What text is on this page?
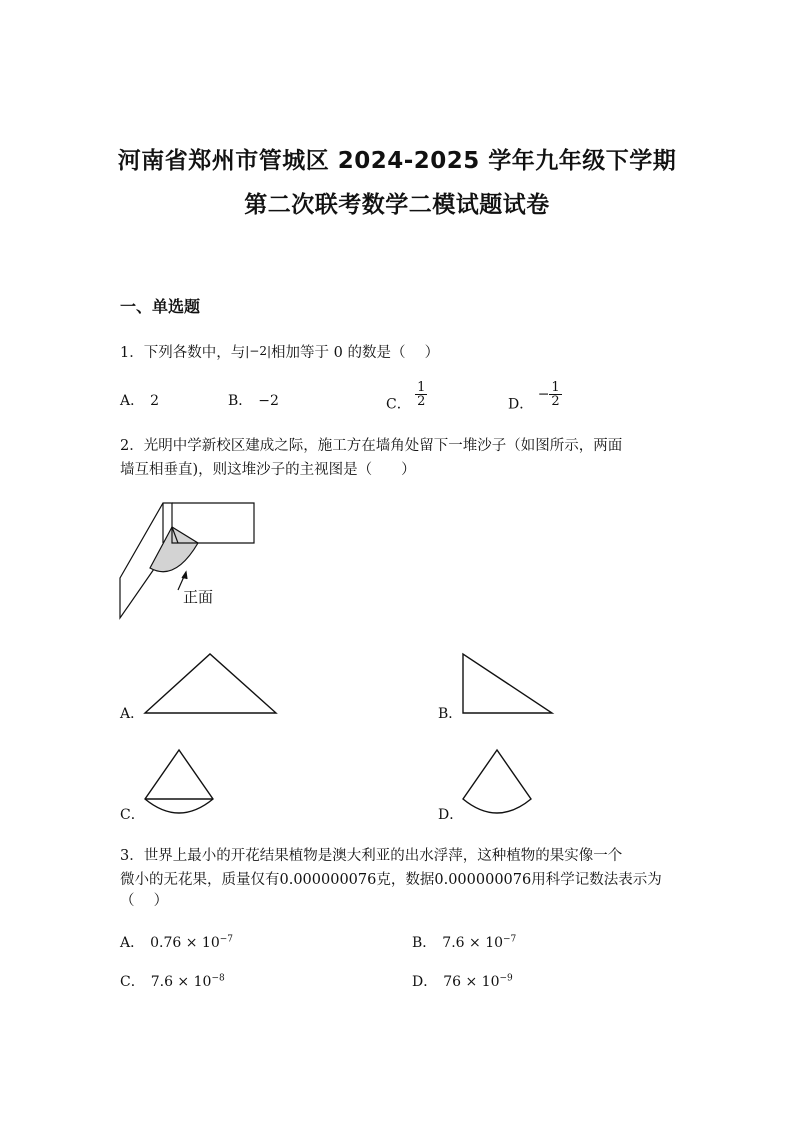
河南省郑州市管城区 2024-2025 学年九年级下学期
第二次联考数学二模试题试卷
一、单选题
1．下列各数中，与|−2|相加等于 0 的数是（　 ）
A． 2	B． −2	C． $\frac{1}{2}$	D． − $\frac{1}{2}$
2．光明中学新校区建成之际，施工方在墙角处留下一堆沙子（如图所示，两面
墙互相垂直)，则这堆沙子的主视图是（　　）
正面
A．	B．
C．	D．
3．世界上最小的开花结果植物是澳大利亚的出水浮萍，这种植物的果实像一个
微小的无花果，质量仅有0.000000076克，数据0.000000076用科学记数法表示为
（　 ）
A． $0.76 \times 10^{-7}$	B． $7.6 \times 10^{-7}$
C． $7.6 \times 10^{-8}$	D． $76 \times 10^{-9}$
